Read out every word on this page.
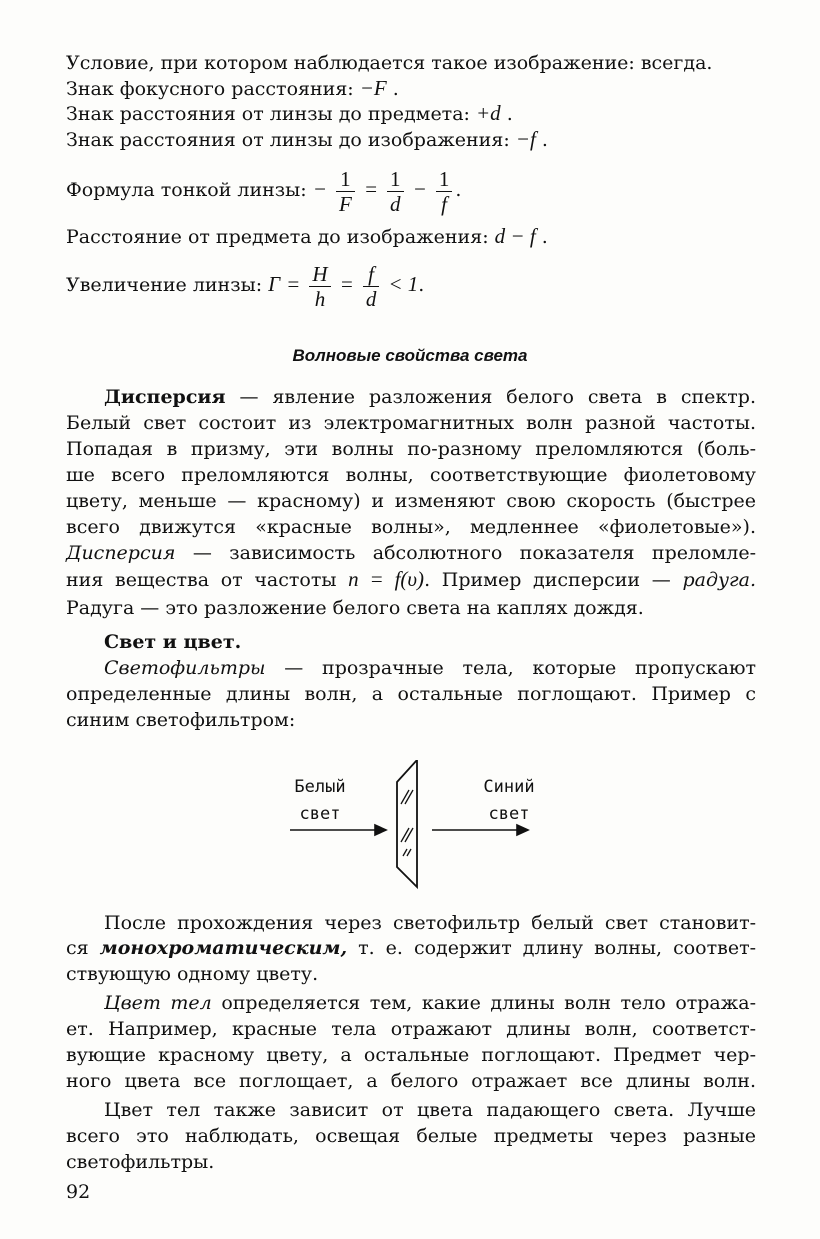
Условие, при котором наблюдается такое изображение: всегда.
Знак фокусного расстояния: −F .
Знак расстояния от линзы до предмета: +d .
Знак расстояния от линзы до изображения: −f .
Формула тонкой линзы: − $\frac{1}{F} = \frac{1}{d} - \frac{1}{f}$ .
Расстояние от предмета до изображения: d − f .
Увеличение линзы: $Г = \frac{H}{h} = \frac{f}{d} < 1$.
Волновые свойства света
Дисперсия — явление разложения белого света в спектр.
Белый свет состоит из электромагнитных волн разной частоты.
Попадая в призму, эти волны по-разному преломляются (боль-
ше всего преломляются волны, соответствующие фиолетовому
цвету, меньше — красному) и изменяют свою скорость (быстрее
всего движутся «красные волны», медленнее «фиолетовые»).
Дисперсия — зависимость абсолютного показателя преломле-
ния вещества от частоты n = f(υ). Пример дисперсии — радуга.
Радуга — это разложение белого света на каплях дождя.
Свет и цвет.
Светофильтры — прозрачные тела, которые пропускают
определенные длины волн, а остальные поглощают. Пример с
синим светофильтром:
Белый
свет
Синий
свет
После прохождения через светофильтр белый свет становит-
ся монохроматическим, т. е. содержит длину волны, соответ-
ствующую одному цвету.
Цвет тел определяется тем, какие длины волн тело отража-
ет. Например, красные тела отражают длины волн, соответст-
вующие красному цвету, а остальные поглощают. Предмет чер-
ного цвета все поглощает, а белого отражает все длины волн.
Цвет тел также зависит от цвета падающего света. Лучше
всего это наблюдать, освещая белые предметы через разные
светофильтры.
92
